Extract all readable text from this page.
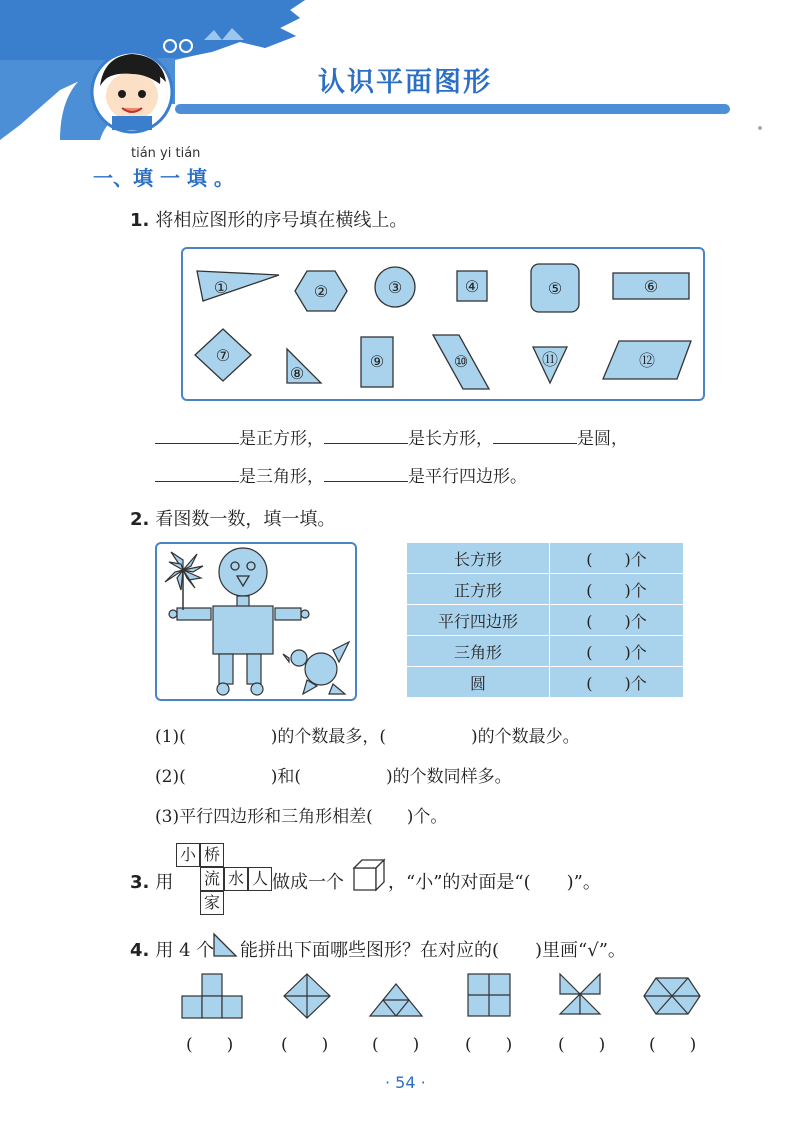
认识平面图形
tián yi tián
一、填 一 填 。
1. 将相应图形的序号填在横线上。
①	②	③	④	⑤	⑥
⑦
⑧
⑨	⑩	⑪	⑫
是正方形，	是长方形，	是圆，
是三角形，	是平行四边形。
2. 看图数一数，填一填。
长方形	(　　)个
正方形	(　　)个
平行四边形	(　　)个
三角形	(　　)个
圆	(　　)个
(1)(　　　　　)的个数最多，(　　　　　)的个数最少。
(2)(　　　　　)和(　　　　　)的个数同样多。
(3)平行四边形和三角形相差(　　)个。
3. 用
小 桥
流 水 人
家
做成一个 ，“小”的对面是“(　　)”。
4. 用 4 个 能拼出下面哪些图形？在对应的(　　)里画“√”。
(　　)	(　　)	(　　)	(　　)	(　　)	(　　)
· 54 ·
